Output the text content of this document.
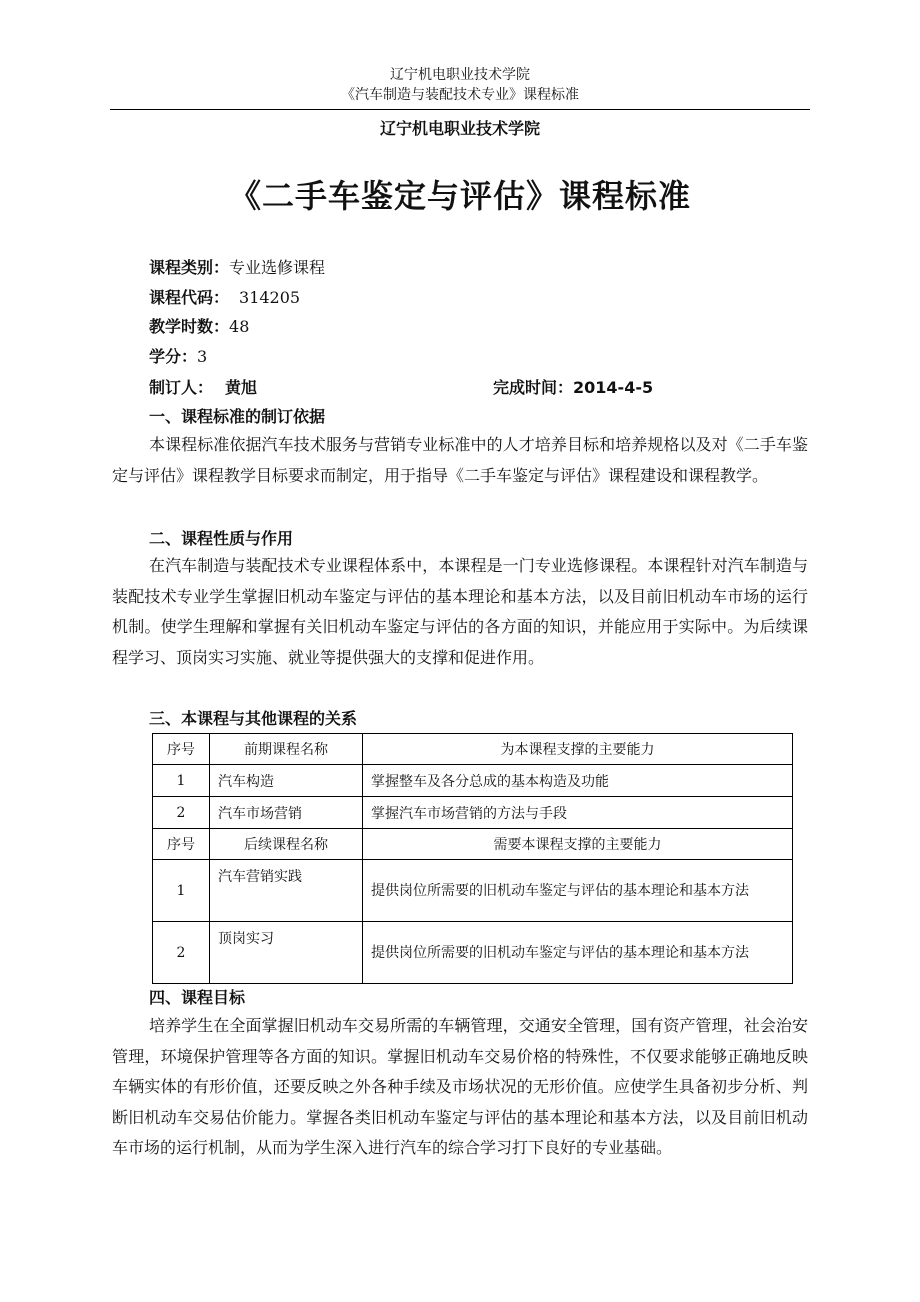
辽宁机电职业技术学院
《汽车制造与装配技术专业》课程标准
辽宁机电职业技术学院
《二手车鉴定与评估》课程标准
课程类别：专业选修课程
课程代码： 314205
教学时数：48
学分：3
制订人： 黄旭	完成时间：2014-4-5
一、课程标准的制订依据
本课程标准依据汽车技术服务与营销专业标准中的人才培养目标和培养规格以及对《二手车鉴定与评估》课程教学目标要求而制定，用于指导《二手车鉴定与评估》课程建设和课程教学。
二、课程性质与作用
在汽车制造与装配技术专业课程体系中，本课程是一门专业选修课程。本课程针对汽车制造与装配技术专业学生掌握旧机动车鉴定与评估的基本理论和基本方法，以及目前旧机动车市场的运行机制。使学生理解和掌握有关旧机动车鉴定与评估的各方面的知识，并能应用于实际中。为后续课程学习、顶岗实习实施、就业等提供强大的支撑和促进作用。
三、本课程与其他课程的关系
序号	前期课程名称	为本课程支撑的主要能力
1	汽车构造	掌握整车及各分总成的基本构造及功能
2	汽车市场营销	掌握汽车市场营销的方法与手段
序号	后续课程名称	需要本课程支撑的主要能力
1	汽车营销实践	提供岗位所需要的旧机动车鉴定与评估的基本理论和基本方法
2	顶岗实习	提供岗位所需要的旧机动车鉴定与评估的基本理论和基本方法
四、课程目标
培养学生在全面掌握旧机动车交易所需的车辆管理，交通安全管理，国有资产管理，社会治安管理，环境保护管理等各方面的知识。掌握旧机动车交易价格的特殊性，不仅要求能够正确地反映车辆实体的有形价值，还要反映之外各种手续及市场状况的无形价值。应使学生具备初步分析、判断旧机动车交易估价能力。掌握各类旧机动车鉴定与评估的基本理论和基本方法，以及目前旧机动车市场的运行机制，从而为学生深入进行汽车的综合学习打下良好的专业基础。
